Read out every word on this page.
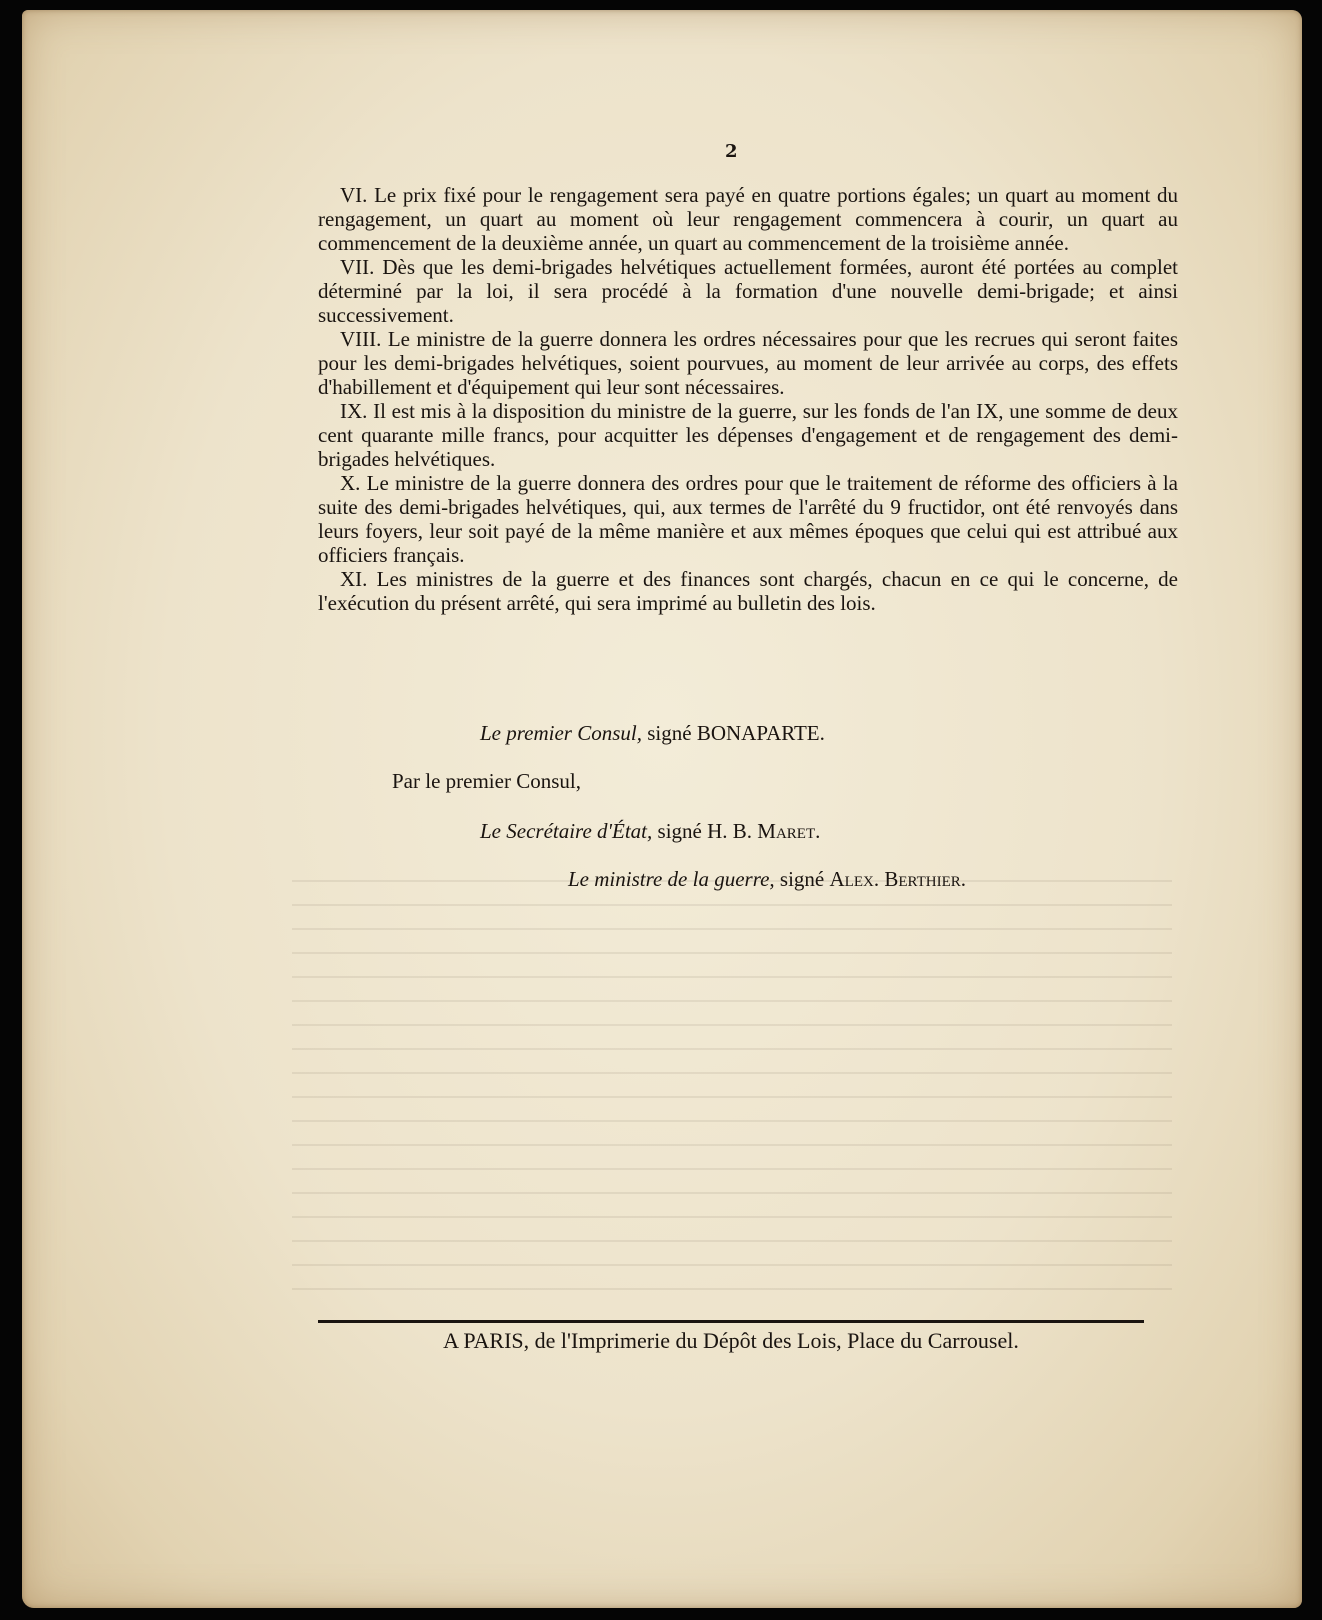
2

VI. Le prix fixé pour le rengagement sera payé en quatre portions égales; un quart au moment du rengagement, un quart au moment où leur rengagement commencera à courir, un quart au commencement de la deuxième année, un quart au commencement de la troisième année.

VII. Dès que les demi-brigades helvétiques actuellement formées, auront été portées au complet déterminé par la loi, il sera procédé à la formation d'une nouvelle demi-brigade; et ainsi successivement.

VIII. Le ministre de la guerre donnera les ordres nécessaires pour que les recrues qui seront faites pour les demi-brigades helvétiques, soient pourvues, au moment de leur arrivée au corps, des effets d'habillement et d'équipement qui leur sont nécessaires.

IX. Il est mis à la disposition du ministre de la guerre, sur les fonds de l'an IX, une somme de deux cent quarante mille francs, pour acquitter les dépenses d'engagement et de rengagement des demi-brigades helvétiques.

X. Le ministre de la guerre donnera des ordres pour que le traitement de réforme des officiers à la suite des demi-brigades helvétiques, qui, aux termes de l'arrêté du 9 fructidor, ont été renvoyés dans leurs foyers, leur soit payé de la même manière et aux mêmes époques que celui qui est attribué aux officiers français.

XI. Les ministres de la guerre et des finances sont chargés, chacun en ce qui le concerne, de l'exécution du présent arrêté, qui sera imprimé au bulletin des lois.

Le premier Consul, signé BONAPARTE.
Par le premier Consul,
Le Secrétaire d'État, signé H. B. Maret.
Le ministre de la guerre, signé Alex. Berthier.
A PARIS, de l'Imprimerie du Dépôt des Lois, Place du Carrousel.
